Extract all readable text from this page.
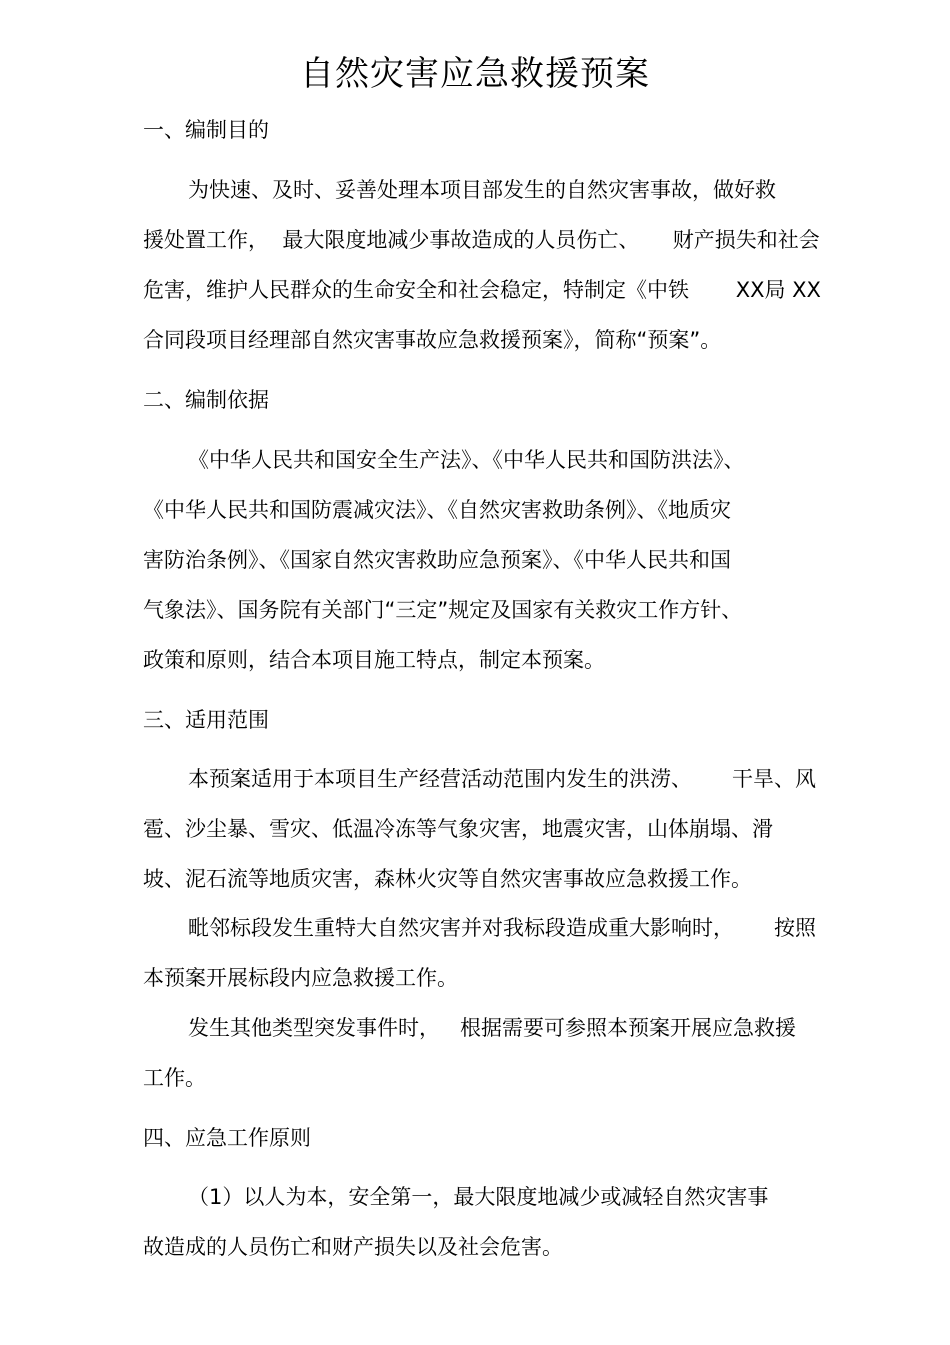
自然灾害应急救援预案
一、编制目的
为快速、及时、妥善处理本项目部发生的自然灾害事故，做好救
援处置工作，  最大限度地减少事故造成的人员伤亡、     财产损失和社会
危害，维护人民群众的生命安全和社会稳定，特制定《中铁       XX局 XX
合同段项目经理部自然灾害事故应急救援预案》，简称“预案”。
二、编制依据
《中华人民共和国安全生产法》、《中华人民共和国防洪法》、
《中华人民共和国防震减灾法》、《自然灾害救助条例》、《地质灾
害防治条例》、《国家自然灾害救助应急预案》、《中华人民共和国
气象法》、国务院有关部门“三定”规定及国家有关救灾工作方针、
政策和原则，结合本项目施工特点，制定本预案。
三、适用范围
本预案适用于本项目生产经营活动范围内发生的洪涝、      干旱、风
雹、沙尘暴、雪灾、低温冷冻等气象灾害，地震灾害，山体崩塌、滑
坡、泥石流等地质灾害，森林火灾等自然灾害事故应急救援工作。
毗邻标段发生重特大自然灾害并对我标段造成重大影响时，      按照
本预案开展标段内应急救援工作。
发生其他类型突发事件时，   根据需要可参照本预案开展应急救援
工作。
四、应急工作原则
（1）以人为本，安全第一，最大限度地减少或减轻自然灾害事
故造成的人员伤亡和财产损失以及社会危害。
